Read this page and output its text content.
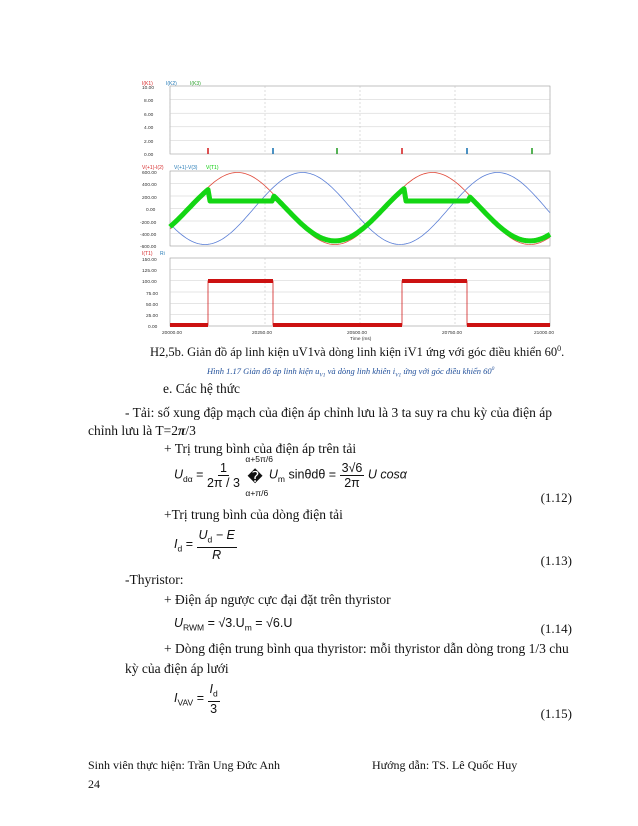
I(K1)	I(K2)	I(K3)
10.00
8.00
6.00
4.00
2.00
0.00
V(+1)-I(2) V(+1)-V(3) V(T1)
600.00
400.00
200.00
0.00
-200.00
-400.00
-600.00
I(T1) Ri
150.00
125.00
100.00
75.00
50.00
25.00
0.00
20000.00	20250.00	20500.00	20750.00	21000.00
Time (ms)
H2,5b. Giản đồ áp linh kiện uV1và dòng linh kiện iV1 ứng với góc điều khiển $60^0$.
Hình 1.17 Giản đồ áp linh kiện $u_{V1}$ và dòng linh khiên $i_{V1}$ ứng với góc điều khiển $60^0$
e. Các hệ thức
- Tải: số xung đập mạch của điện áp chỉnh lưu là 3 ta suy ra chu kỳ của điện áp
chỉnh lưu là T=2π/3
+ Trị trung bình của điện áp trên tải
$U_{d\alpha} = \frac{1}{2\pi / 3}$

α+5π/6
�
α+π/6
$U_m$ $\sin\theta d\theta = \frac{3√6}{2\pi}$ U cosα
(1.12)
+Trị trung bình của dòng điện tải
$I_d = \frac{U_d - E}{R}$	(1.13)
-Thyristor:
+ Điện áp ngược cực đại đặt trên thyristor
$U_{RWM} = √3.U_m = √6.U$	(1.14)
+ Dòng điện trung bình qua thyristor: mỗi thyristor dẫn dòng trong 1/3 chu
kỳ của điện áp lưới
$I_{VAV} = \frac{I_d}{3}$	(1.15)
Sinh viên thực hiện: Trần Ung Đức Anh	Hướng dẫn: TS. Lê Quốc Huy
24
